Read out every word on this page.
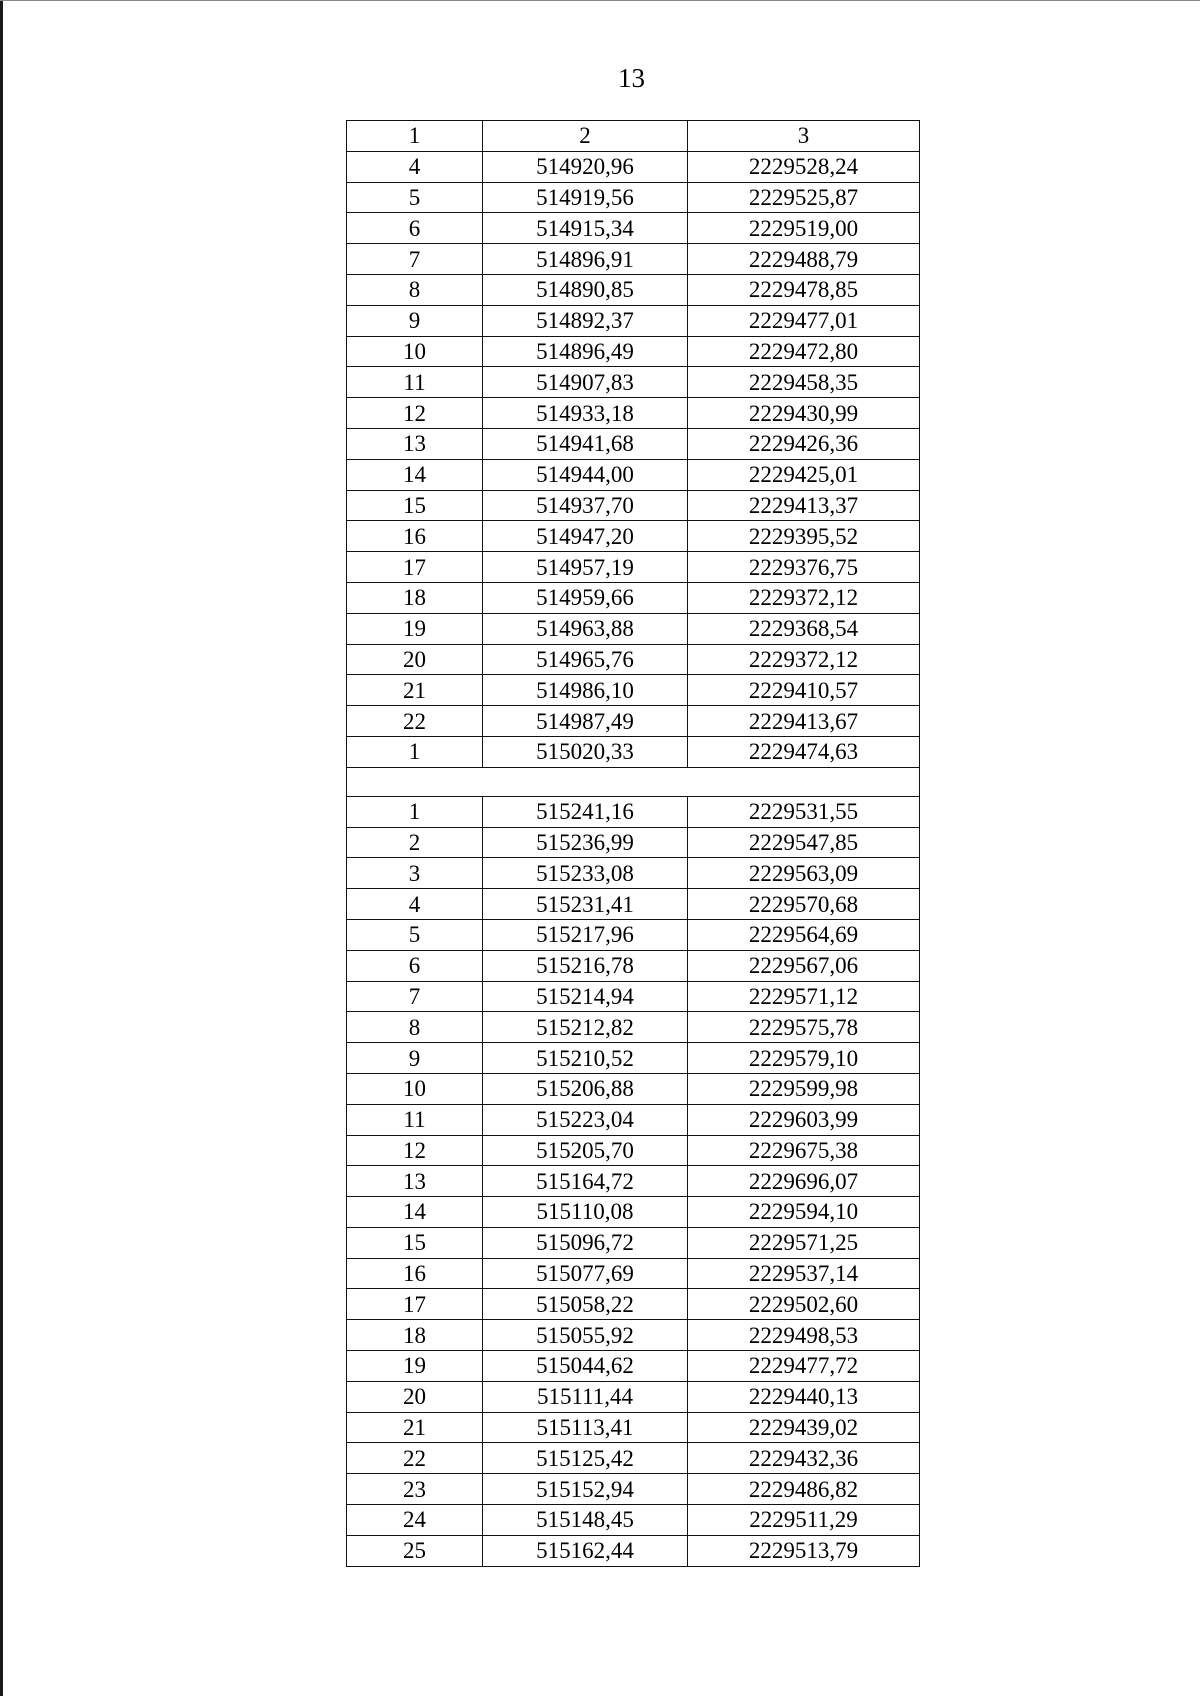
13
1	2	3
4	514920,96	2229528,24
5	514919,56	2229525,87
6	514915,34	2229519,00
7	514896,91	2229488,79
8	514890,85	2229478,85
9	514892,37	2229477,01
10	514896,49	2229472,80
11	514907,83	2229458,35
12	514933,18	2229430,99
13	514941,68	2229426,36
14	514944,00	2229425,01
15	514937,70	2229413,37
16	514947,20	2229395,52
17	514957,19	2229376,75
18	514959,66	2229372,12
19	514963,88	2229368,54
20	514965,76	2229372,12
21	514986,10	2229410,57
22	514987,49	2229413,67
1	515020,33	2229474,63

1	515241,16	2229531,55
2	515236,99	2229547,85
3	515233,08	2229563,09
4	515231,41	2229570,68
5	515217,96	2229564,69
6	515216,78	2229567,06
7	515214,94	2229571,12
8	515212,82	2229575,78
9	515210,52	2229579,10
10	515206,88	2229599,98
11	515223,04	2229603,99
12	515205,70	2229675,38
13	515164,72	2229696,07
14	515110,08	2229594,10
15	515096,72	2229571,25
16	515077,69	2229537,14
17	515058,22	2229502,60
18	515055,92	2229498,53
19	515044,62	2229477,72
20	515111,44	2229440,13
21	515113,41	2229439,02
22	515125,42	2229432,36
23	515152,94	2229486,82
24	515148,45	2229511,29
25	515162,44	2229513,79
